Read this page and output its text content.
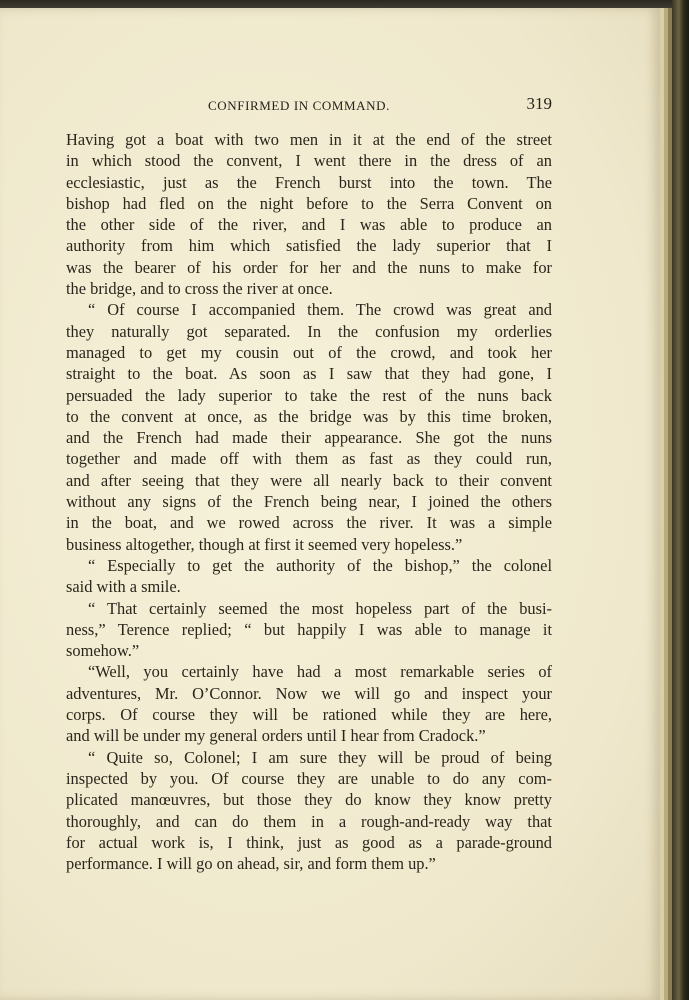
CONFIRMED IN COMMAND.	319
Having got a boat with two men in it at the end of the street
in which stood the convent, I went there in the dress of an
ecclesiastic, just as the French burst into the town. The
bishop had fled on the night before to the Serra Convent on
the other side of the river, and I was able to produce an
authority from him which satisfied the lady superior that I
was the bearer of his order for her and the nuns to make for
the bridge, and to cross the river at once.
“ Of course I accompanied them. The crowd was great and
they naturally got separated. In the confusion my orderlies
managed to get my cousin out of the crowd, and took her
straight to the boat. As soon as I saw that they had gone, I
persuaded the lady superior to take the rest of the nuns back
to the convent at once, as the bridge was by this time broken,
and the French had made their appearance. She got the nuns
together and made off with them as fast as they could run,
and after seeing that they were all nearly back to their convent
without any signs of the French being near, I joined the others
in the boat, and we rowed across the river. It was a simple
business altogether, though at first it seemed very hopeless.”
“ Especially to get the authority of the bishop,” the colonel
said with a smile.
“ That certainly seemed the most hopeless part of the busi-
ness,” Terence replied; “ but happily I was able to manage it
somehow.”
“Well, you certainly have had a most remarkable series of
adventures, Mr. O’Connor. Now we will go and inspect your
corps. Of course they will be rationed while they are here,
and will be under my general orders until I hear from Cradock.”
“ Quite so, Colonel; I am sure they will be proud of being
inspected by you. Of course they are unable to do any com-
plicated manœuvres, but those they do know they know pretty
thoroughly, and can do them in a rough-and-ready way that
for actual work is, I think, just as good as a parade-ground
performance. I will go on ahead, sir, and form them up.”
